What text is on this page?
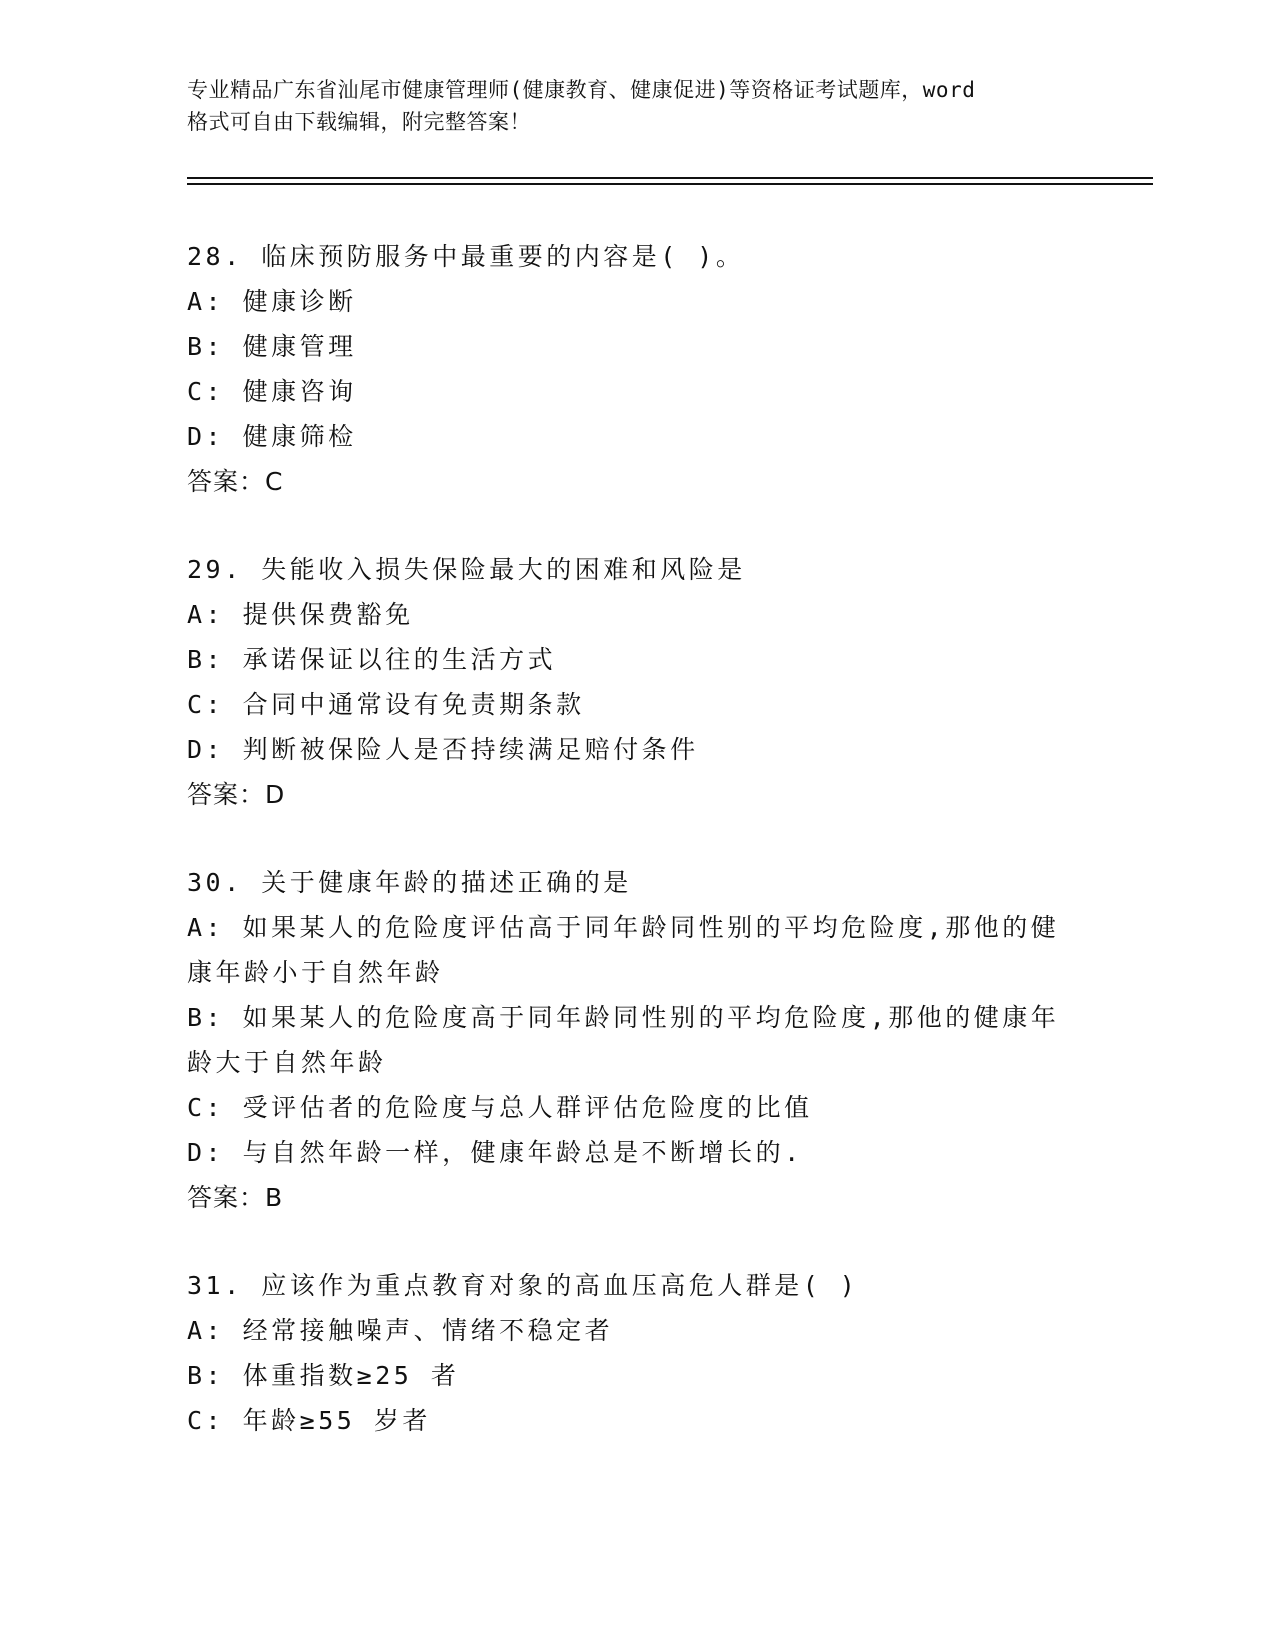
专业精品广东省汕尾市健康管理师(健康教育、健康促进)等资格证考试题库，word
格式可自由下载编辑，附完整答案！
28. 临床预防服务中最重要的内容是( )。
A: 健康诊断
B: 健康管理
C: 健康咨询
D: 健康筛检
答案：C
29. 失能收入损失保险最大的困难和风险是
A: 提供保费豁免
B: 承诺保证以往的生活方式
C: 合同中通常设有免责期条款
D: 判断被保险人是否持续满足赔付条件
答案：D
30. 关于健康年龄的描述正确的是
A: 如果某人的危险度评估高于同年龄同性别的平均危险度,那他的健
康年龄小于自然年龄
B: 如果某人的危险度高于同年龄同性别的平均危险度,那他的健康年
龄大于自然年龄
C: 受评估者的危险度与总人群评估危险度的比值
D: 与自然年龄一样，健康年龄总是不断增长的.
答案：B
31. 应该作为重点教育对象的高血压高危人群是( )
A: 经常接触噪声、情绪不稳定者
B: 体重指数≥25 者
C: 年龄≥55 岁者
